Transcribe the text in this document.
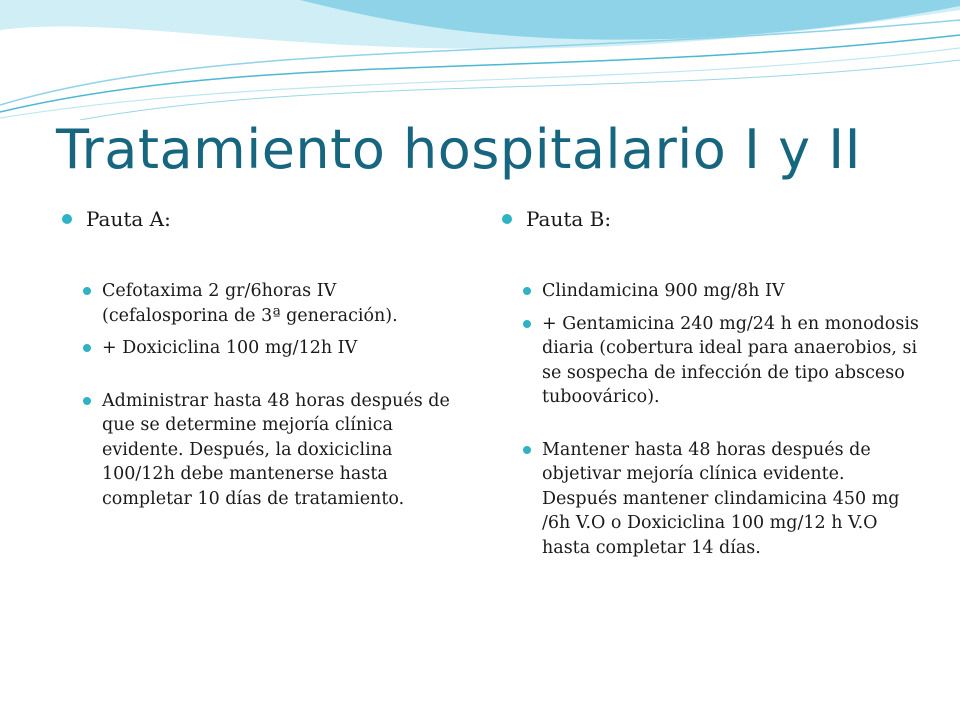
Tratamiento hospitalario I y II
Pauta A:
Cefotaxima 2 gr/6horas IV (cefalosporina de 3ª generación).
+ Doxiciclina 100 mg/12h IV
Administrar hasta 48 horas después de que se determine mejoría clínica evidente. Después, la doxiciclina 100/12h debe mantenerse hasta completar 10 días de tratamiento.
Pauta B:
Clindamicina 900 mg/8h IV
+ Gentamicina 240 mg/24 h en monodosis diaria (cobertura ideal para anaerobios, si se sospecha de infección de tipo absceso tuboovárico).
Mantener hasta 48 horas después de objetivar mejoría clínica evidente. Después mantener clindamicina 450 mg /6h V.O o Doxiciclina 100 mg/12 h V.O hasta completar 14 días.
